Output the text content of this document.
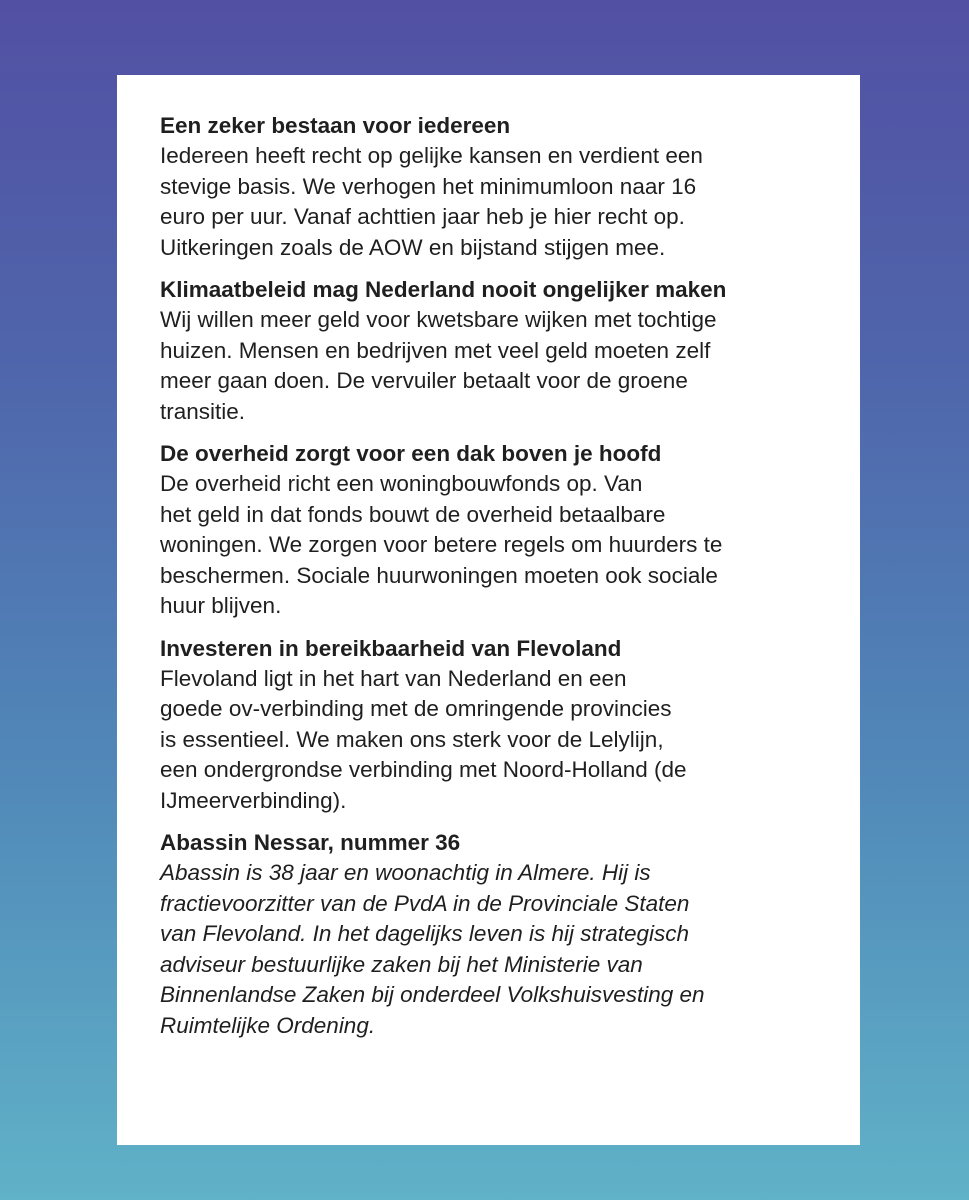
Een zeker bestaan voor iedereen

Iedereen heeft recht op gelijke kansen en verdient een
stevige basis. We verhogen het minimumloon naar 16
euro per uur. Vanaf achttien jaar heb je hier recht op.
Uitkeringen zoals de AOW en bijstand stijgen mee.

Klimaatbeleid mag Nederland nooit ongelijker maken

Wij willen meer geld voor kwetsbare wijken met tochtige
huizen. Mensen en bedrijven met veel geld moeten zelf
meer gaan doen. De vervuiler betaalt voor de groene
transitie.

De overheid zorgt voor een dak boven je hoofd

De overheid richt een woningbouwfonds op. Van
het geld in dat fonds bouwt de overheid betaalbare
woningen. We zorgen voor betere regels om huurders te
beschermen. Sociale huurwoningen moeten ook sociale
huur blijven.

Investeren in bereikbaarheid van Flevoland

Flevoland ligt in het hart van Nederland en een
goede ov-verbinding met de omringende provincies
is essentieel. We maken ons sterk voor de Lelylijn,
een ondergrondse verbinding met Noord-Holland (de
IJmeerverbinding).

Abassin Nessar, nummer 36

Abassin is 38 jaar en woonachtig in Almere. Hij is
fractievoorzitter van de PvdA in de Provinciale Staten
van Flevoland. In het dagelijks leven is hij strategisch
adviseur bestuurlijke zaken bij het Ministerie van
Binnenlandse Zaken bij onderdeel Volkshuisvesting en
Ruimtelijke Ordening.
